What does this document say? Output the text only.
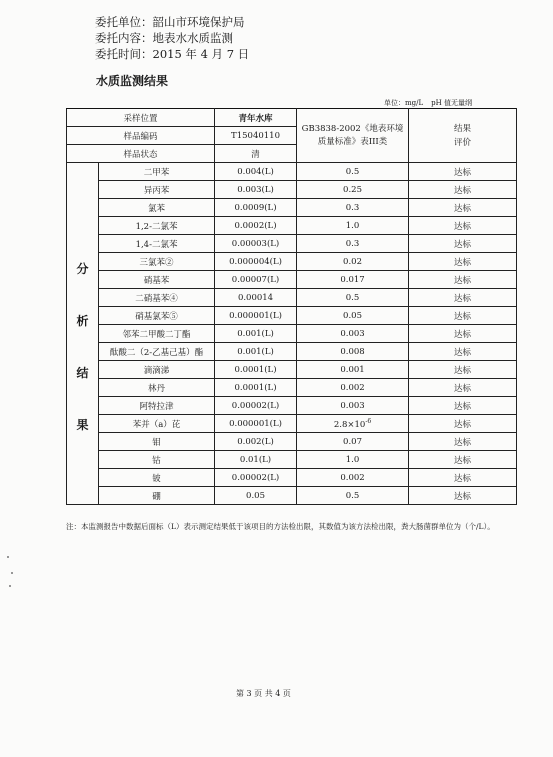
委托单位：韶山市环境保护局
委托内容：地表水水质监测
委托时间：2015 年 4 月 7 日
水质监测结果
单位：mg/L pH 值无量纲
采样位置		青年水库	GB3838-2002《地表环境质量标准》表III类	结果
评价
样品编码		T15040110		
样品状态		清		

分
析
结
果	二甲苯	0.004(L)	0.5	达标
	异丙苯	0.003(L)	0.25	达标
	氯苯	0.0009(L)	0.3	达标
	1,2-二氯苯	0.0002(L)	1.0	达标
	1,4-二氯苯	0.00003(L)	0.3	达标
	三氯苯②	0.000004(L)	0.02	达标
	硝基苯	0.00007(L)	0.017	达标
	二硝基苯④	0.00014	0.5	达标
	硝基氯苯⑤	0.000001(L)	0.05	达标
	邻苯二甲酸二丁酯	0.001(L)	0.003	达标
	酞酸二（2-乙基己基）酯	0.001(L)	0.008	达标
	滴滴涕	0.0001(L)	0.001	达标
	林丹	0.0001(L)	0.002	达标
	阿特拉津	0.00002(L)	0.003	达标
	苯并（a）芘	0.000001(L)	$2.8\times 10^{-6}$	达标
	钼	0.002(L)	0.07	达标
	钴	0.01(L)	1.0	达标
	铍	0.00002(L)	0.002	达标
	硼	0.05	0.5	达标
注：本监测报告中数据后面标（L）表示测定结果低于该项目的方法检出限，其数值为该方法检出限，粪大肠菌群单位为（个/L）。
第 3 页 共 4 页
